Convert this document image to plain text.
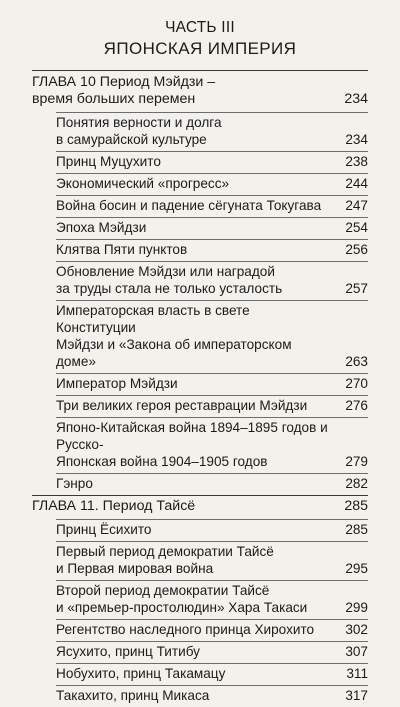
ЧАСТЬ III
ЯПОНСКАЯ ИМПЕРИЯ
ГЛАВА 10 Период Мэйдзи –
время больших перемен	234
Понятия верности и долга
в самурайской культуре	234
Принц Муцухито	238
Экономический «прогресс»	244
Война босин и падение сёгуната Токугава	247
Эпоха Мэйдзи	254
Клятва Пяти пунктов	256
Обновление Мэйдзи или наградой
за труды стала не только усталость	257
Императорская власть в свете Конституции
Мэйдзи и «Закона об императорском доме»	263
Император Мэйдзи	270
Три великих героя реставрации Мэйдзи	276
Японо-Китайская война 1894–1895 годов и Русско-
Японская война 1904–1905 годов	279
Гэнро	282
ГЛАВА 11. Период Тайсё	285
Принц Ёсихито	285
Первый период демократии Тайсё
и Первая мировая война	295
Второй период демократии Тайсё
и «премьер-простолюдин» Хара Такаси	299
Регентство наследного принца Хирохито	302
Ясухито, принц Титибу	307
Нобухито, принц Такамацу	311
Такахито, принц Микаса	317
